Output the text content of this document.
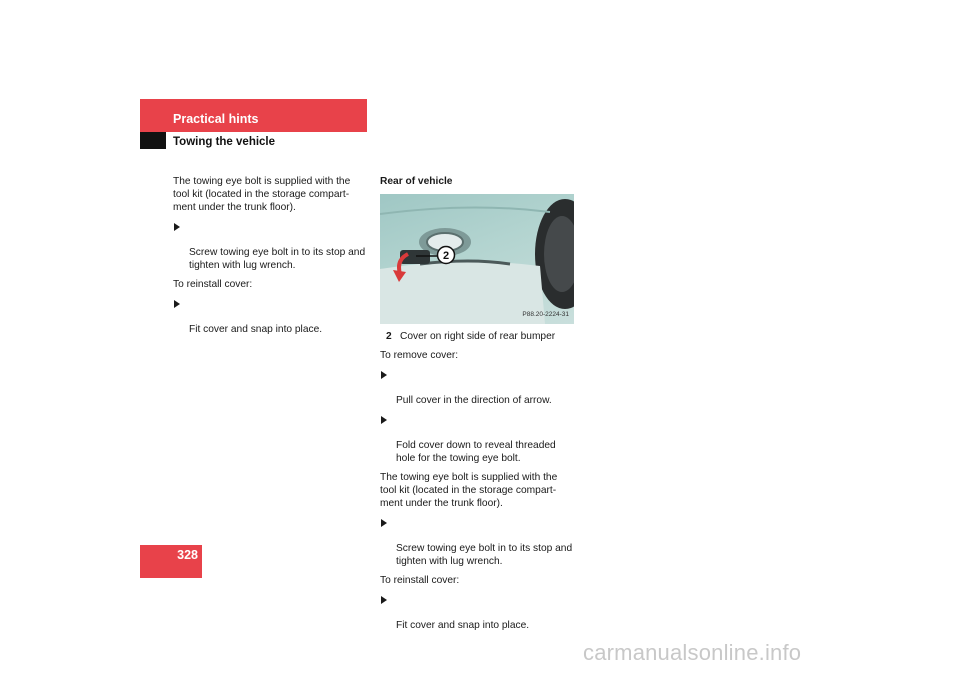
Practical hints
Towing the vehicle

The towing eye bolt is supplied with the
tool kit (located in the storage compart-
ment under the trunk floor).

Screw towing eye bolt in to its stop and
tighten with lug wrench.

To reinstall cover:

Fit cover and snap into place.

Rear of vehicle

2
P88.20-2224-31
2 Cover on right side of rear bumper

To remove cover:

Pull cover in the direction of arrow.

Fold cover down to reveal threaded
hole for the towing eye bolt.

The towing eye bolt is supplied with the
tool kit (located in the storage compart-
ment under the trunk floor).

Screw towing eye bolt in to its stop and
tighten with lug wrench.

To reinstall cover:

Fit cover and snap into place.

328
carmanualsonline.info
